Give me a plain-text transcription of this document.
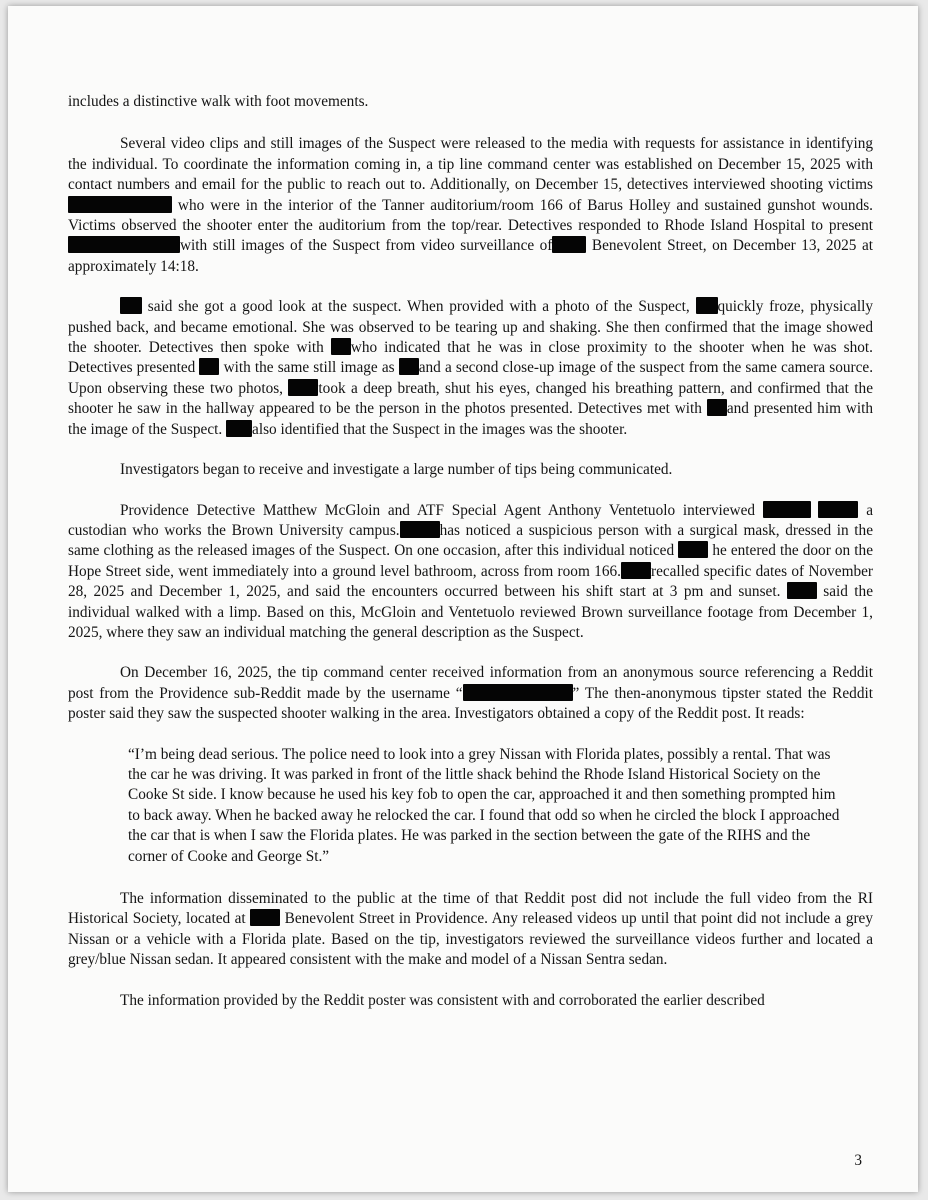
includes a distinctive walk with foot movements.

Several video clips and still images of the Suspect were released to the media with requests for assistance in identifying the individual. To coordinate the information coming in, a tip line command center was established on December 15, 2025 with contact numbers and email for the public to reach out to. Additionally, on December 15, detectives interviewed shooting victims who were in the interior of the Tanner auditorium/room 166 of Barus Holley and sustained gunshot wounds. Victims observed the shooter enter the auditorium from the top/rear. Detectives responded to Rhode Island Hospital to present with still images of the Suspect from video surveillance of Benevolent Street, on December 13, 2025 at approximately 14:18.

said she got a good look at the suspect. When provided with a photo of the Suspect, quickly froze, physically pushed back, and became emotional. She was observed to be tearing up and shaking. She then confirmed that the image showed the shooter. Detectives then spoke with who indicated that he was in close proximity to the shooter when he was shot. Detectives presented  with the same still image as and a second close-up image of the suspect from the same camera source. Upon observing these two photos, took a deep breath, shut his eyes, changed his breathing pattern, and confirmed that the shooter he saw in the hallway appeared to be the person in the photos presented. Detectives met with and presented him with the image of the Suspect. also identified that the Suspect in the images was the shooter.

Investigators began to receive and investigate a large number of tips being communicated.

Providence Detective Matthew McGloin and ATF Special Agent Anthony Ventetuolo interviewed	a custodian who works the Brown University campus.	has noticed a suspicious person with a surgical mask, dressed in the same clothing as the released images of the Suspect. On one occasion, after this individual noticed  he entered the door on the Hope Street side, went immediately into a ground level bathroom, across from room 166. recalled specific dates of November 28, 2025 and December 1, 2025, and said the encounters occurred between his shift start at 3 pm and sunset.  said the individual walked with a limp. Based on this, McGloin and Ventetuolo reviewed Brown surveillance footage from December 1, 2025, where they saw an individual matching the general description as the Suspect.

On December 16, 2025, the tip command center received information from an anonymous source referencing a Reddit post from the Providence sub-Reddit made by the username “	” The then-anonymous tipster stated the Reddit poster said they saw the suspected shooter walking in the area. Investigators obtained a copy of the Reddit post. It reads:

“I’m being dead serious. The police need to look into a grey Nissan with Florida plates, possibly a rental. That was the car he was driving. It was parked in front of the little shack behind the Rhode Island Historical Society on the Cooke St side. I know because he used his key fob to open the car, approached it and then something prompted him to back away. When he backed away he relocked the car. I found that odd so when he circled the block I approached the car that is when I saw the Florida plates. He was parked in the section between the gate of the RIHS and the corner of Cooke and George St.”

The information disseminated to the public at the time of that Reddit post did not include the full video from the RI Historical Society, located at  Benevolent Street in Providence. Any released videos up until that point did not include a grey Nissan or a vehicle with a Florida plate. Based on the tip, investigators reviewed the surveillance videos further and located a grey/blue Nissan sedan. It appeared consistent with the make and model of a Nissan Sentra sedan.

The information provided by the Reddit poster was consistent with and corroborated the earlier described

3
